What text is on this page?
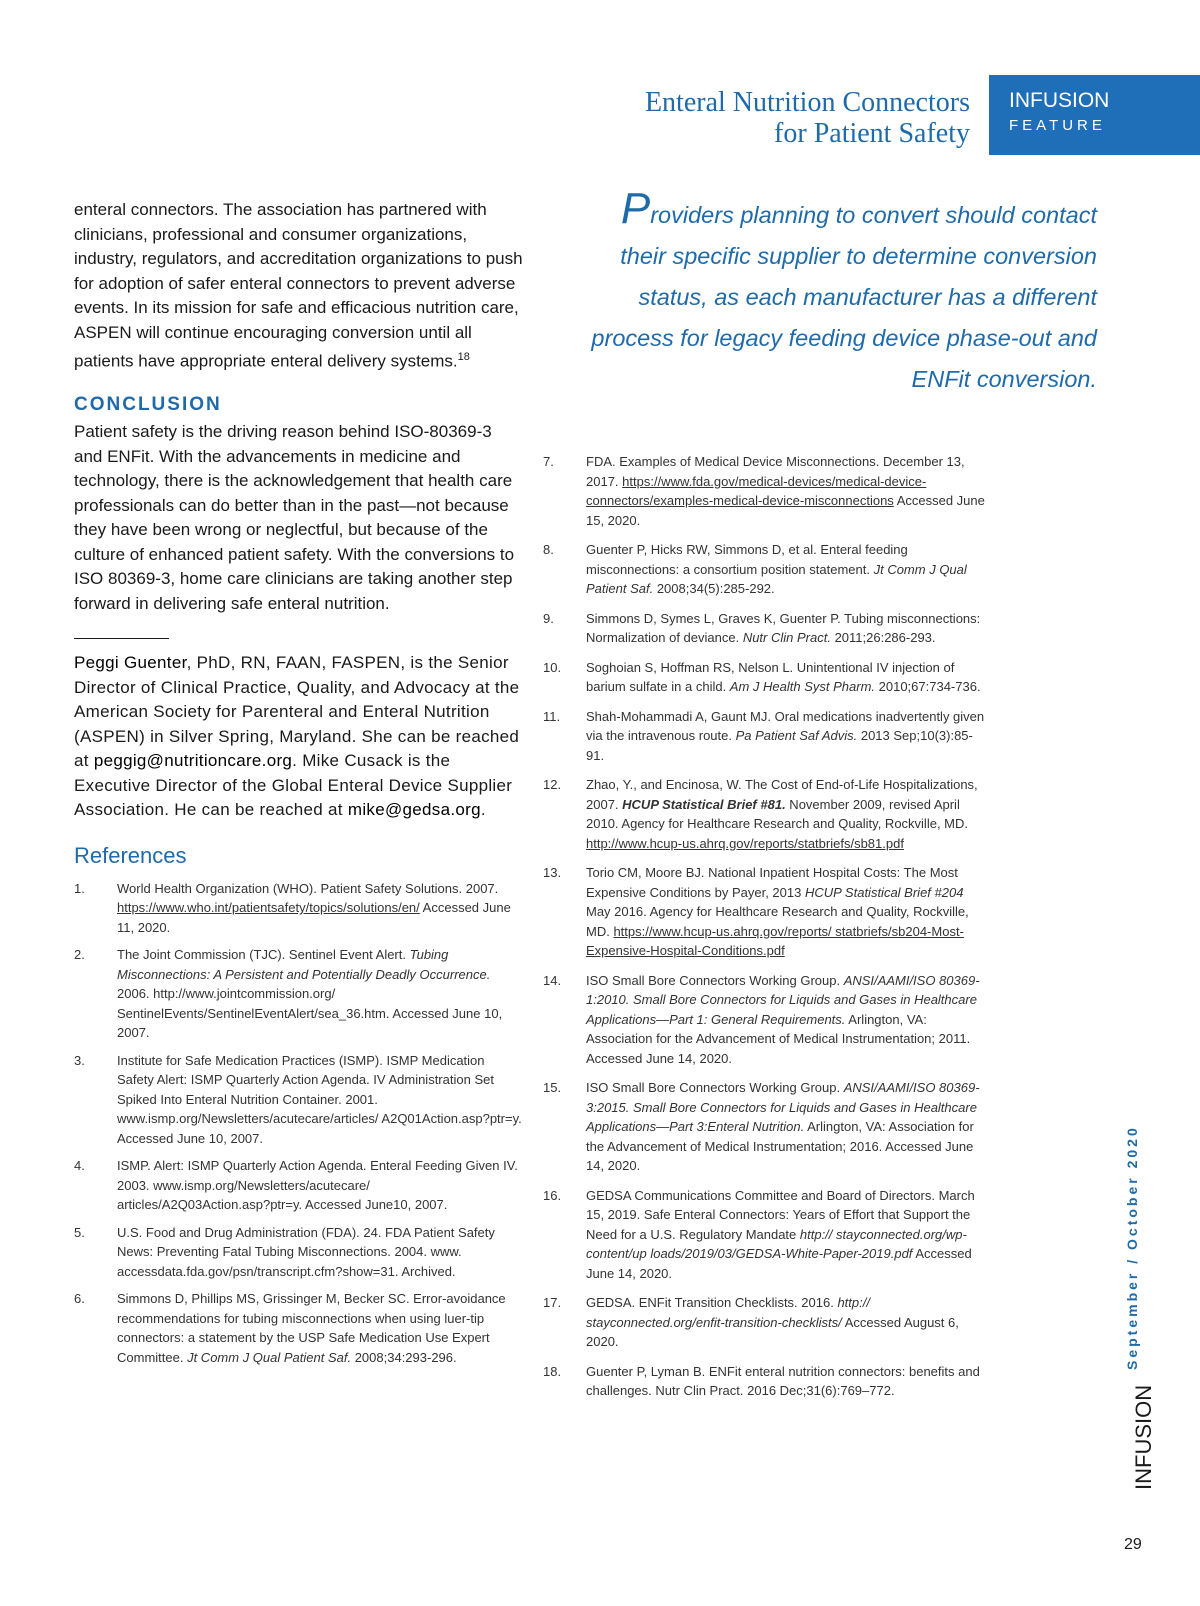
Enteral Nutrition Connectors
for Patient Safety
INFUSION
FEATURE

enteral connectors. The association has partnered with clinicians, professional and consumer organizations, industry, regulators, and accreditation organizations to push for adoption of safer enteral connectors to prevent adverse events. In its mission for safe and efficacious nutrition care, ASPEN will continue encouraging conversion until all patients have appropriate enteral delivery systems.$^{18}$

CONCLUSION

Patient safety is the driving reason behind ISO-80369-3 and ENFit. With the advancements in medicine and technology, there is the acknowledgement that health care professionals can do better than in the past—not because they have been wrong or neglectful, but because of the culture of enhanced patient safety. With the conversions to ISO 80369-3, home care clinicians are taking another step forward in delivering safe enteral nutrition.

Peggi Guenter, PhD, RN, FAAN, FASPEN, is the Senior Director of Clinical Practice, Quality, and Advocacy at the American Society for Parenteral and Enteral Nutrition (ASPEN) in Silver Spring, Maryland. She can be reached at peggig@nutritioncare.org. Mike Cusack is the Executive Director of the Global Enteral Device Supplier Association. He can be reached at mike@gedsa.org.

References
1. World Health Organization (WHO). Patient Safety Solutions. 2007. https://www.who.int/patientsafety/topics/solutions/en/ Accessed June 11, 2020.
2. The Joint Commission (TJC). Sentinel Event Alert. Tubing Misconnections: A Persistent and Potentially Deadly Occurrence. 2006. http://www.jointcommission.org/ SentinelEvents/SentinelEventAlert/sea_36.htm. Accessed June 10, 2007.
3. Institute for Safe Medication Practices (ISMP). ISMP Medication Safety Alert: ISMP Quarterly Action Agenda. IV Administration Set Spiked Into Enteral Nutrition Container. 2001. www.ismp.org/Newsletters/acutecare/articles/ A2Q01Action.asp?ptr=y. Accessed June 10, 2007.
4. ISMP. Alert: ISMP Quarterly Action Agenda. Enteral Feeding Given IV. 2003. www.ismp.org/Newsletters/acutecare/ articles/A2Q03Action.asp?ptr=y. Accessed June10, 2007.
5. U.S. Food and Drug Administration (FDA). 24. FDA Patient Safety News: Preventing Fatal Tubing Misconnections. 2004. www. accessdata.fda.gov/psn/transcript.cfm?show=31. Archived.
6. Simmons D, Phillips MS, Grissinger M, Becker SC. Error-avoidance recommendations for tubing misconnections when using luer-tip connectors: a statement by the USP Safe Medication Use Expert Committee. Jt Comm J Qual Patient Saf. 2008;34:293-296.
Providers planning to convert should contact their specific supplier to determine conversion status, as each manufacturer has a different process for legacy feeding device phase-out and ENFit conversion.
7. FDA. Examples of Medical Device Misconnections. December 13, 2017. https://www.fda.gov/medical-devices/medical-device-connectors/examples-medical-device-misconnections Accessed June 15, 2020.
8. Guenter P, Hicks RW, Simmons D, et al. Enteral feeding misconnections: a consortium position statement. Jt Comm J Qual Patient Saf. 2008;34(5):285-292.
9. Simmons D, Symes L, Graves K, Guenter P. Tubing misconnections: Normalization of deviance. Nutr Clin Pract. 2011;26:286-293.
10. Soghoian S, Hoffman RS, Nelson L. Unintentional IV injection of barium sulfate in a child. Am J Health Syst Pharm. 2010;67:734-736.
11. Shah-Mohammadi A, Gaunt MJ. Oral medications inadvertently given via the intravenous route. Pa Patient Saf Advis. 2013 Sep;10(3):85-91.
12. Zhao, Y., and Encinosa, W. The Cost of End-of-Life Hospitalizations, 2007. HCUP Statistical Brief #81. November 2009, revised April 2010. Agency for Healthcare Research and Quality, Rockville, MD. http://www.hcup-us.ahrq.gov/reports/statbriefs/sb81.pdf
13. Torio CM, Moore BJ. National Inpatient Hospital Costs: The Most Expensive Conditions by Payer, 2013 HCUP Statistical Brief #204 May 2016. Agency for Healthcare Research and Quality, Rockville, MD. https://www.hcup-us.ahrq.gov/reports/ statbriefs/sb204-Most-Expensive-Hospital-Conditions.pdf
14. ISO Small Bore Connectors Working Group. ANSI/AAMI/ISO 80369-1:2010. Small Bore Connectors for Liquids and Gases in Healthcare Applications—Part 1: General Requirements. Arlington, VA: Association for the Advancement of Medical Instrumentation; 2011. Accessed June 14, 2020.
15. ISO Small Bore Connectors Working Group. ANSI/AAMI/ISO 80369-3:2015. Small Bore Connectors for Liquids and Gases in Healthcare Applications—Part 3:Enteral Nutrition. Arlington, VA: Association for the Advancement of Medical Instrumentation; 2016. Accessed June 14, 2020.
16. GEDSA Communications Committee and Board of Directors. March 15, 2019. Safe Enteral Connectors: Years of Effort that Support the Need for a U.S. Regulatory Mandate http:// stayconnected.org/wp-content/up loads/2019/03/GEDSA-White-Paper-2019.pdf Accessed June 14, 2020.
17. GEDSA. ENFit Transition Checklists. 2016. http:// stayconnected.org/enfit-transition-checklists/ Accessed August 6, 2020.
18. Guenter P, Lyman B. ENFit enteral nutrition connectors: benefits and challenges. Nutr Clin Pract. 2016 Dec;31(6):769–772.
September / October 2020
INFUSION
29
